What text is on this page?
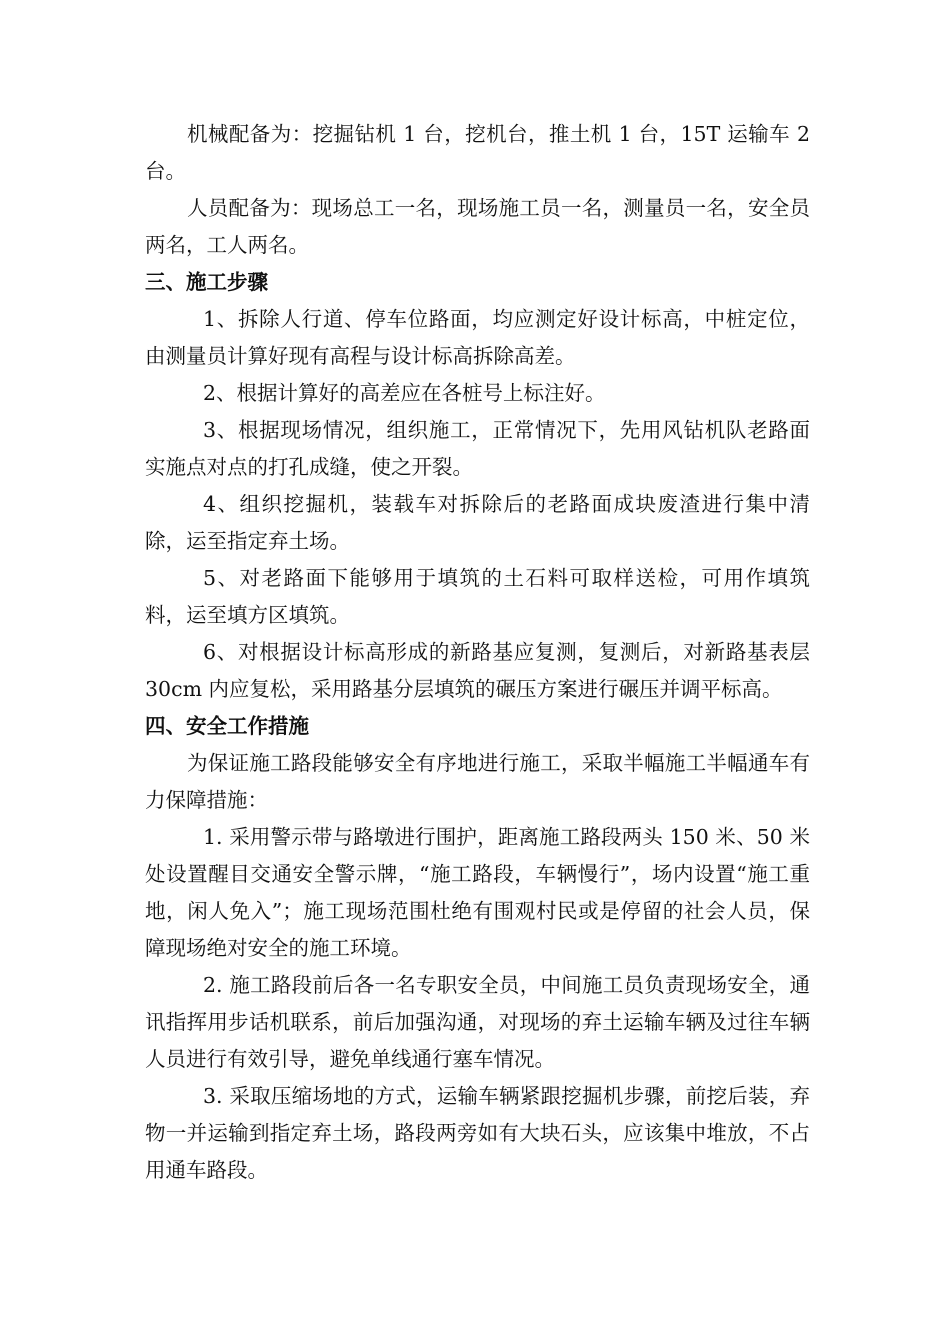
机械配备为：挖掘钻机 1 台，挖机台，推土机 1 台，15T 运输车 2 台。

人员配备为：现场总工一名，现场施工员一名，测量员一名，安全员两名，工人两名。

三、施工步骤

1、拆除人行道、停车位路面，均应测定好设计标高，中桩定位，由测量员计算好现有高程与设计标高拆除高差。

2、根据计算好的高差应在各桩号上标注好。

3、根据现场情况，组织施工，正常情况下，先用风钻机队老路面实施点对点的打孔成缝，使之开裂。

4、组织挖掘机，装载车对拆除后的老路面成块废渣进行集中清除，运至指定弃土场。

5、对老路面下能够用于填筑的土石料可取样送检，可用作填筑料，运至填方区填筑。

6、对根据设计标高形成的新路基应复测，复测后，对新路基表层 30cm 内应复松，采用路基分层填筑的碾压方案进行碾压并调平标高。

四、安全工作措施

为保证施工路段能够安全有序地进行施工，采取半幅施工半幅通车有力保障措施：

1. 采用警示带与路墩进行围护，距离施工路段两头 150 米、50 米处设置醒目交通安全警示牌，“施工路段，车辆慢行”，场内设置“施工重地，闲人免入”；施工现场范围杜绝有围观村民或是停留的社会人员，保障现场绝对安全的施工环境。

2. 施工路段前后各一名专职安全员，中间施工员负责现场安全，通讯指挥用步话机联系，前后加强沟通，对现场的弃土运输车辆及过往车辆人员进行有效引导，避免单线通行塞车情况。

3. 采取压缩场地的方式，运输车辆紧跟挖掘机步骤，前挖后装，弃物一并运输到指定弃土场，路段两旁如有大块石头，应该集中堆放，不占用通车路段。
